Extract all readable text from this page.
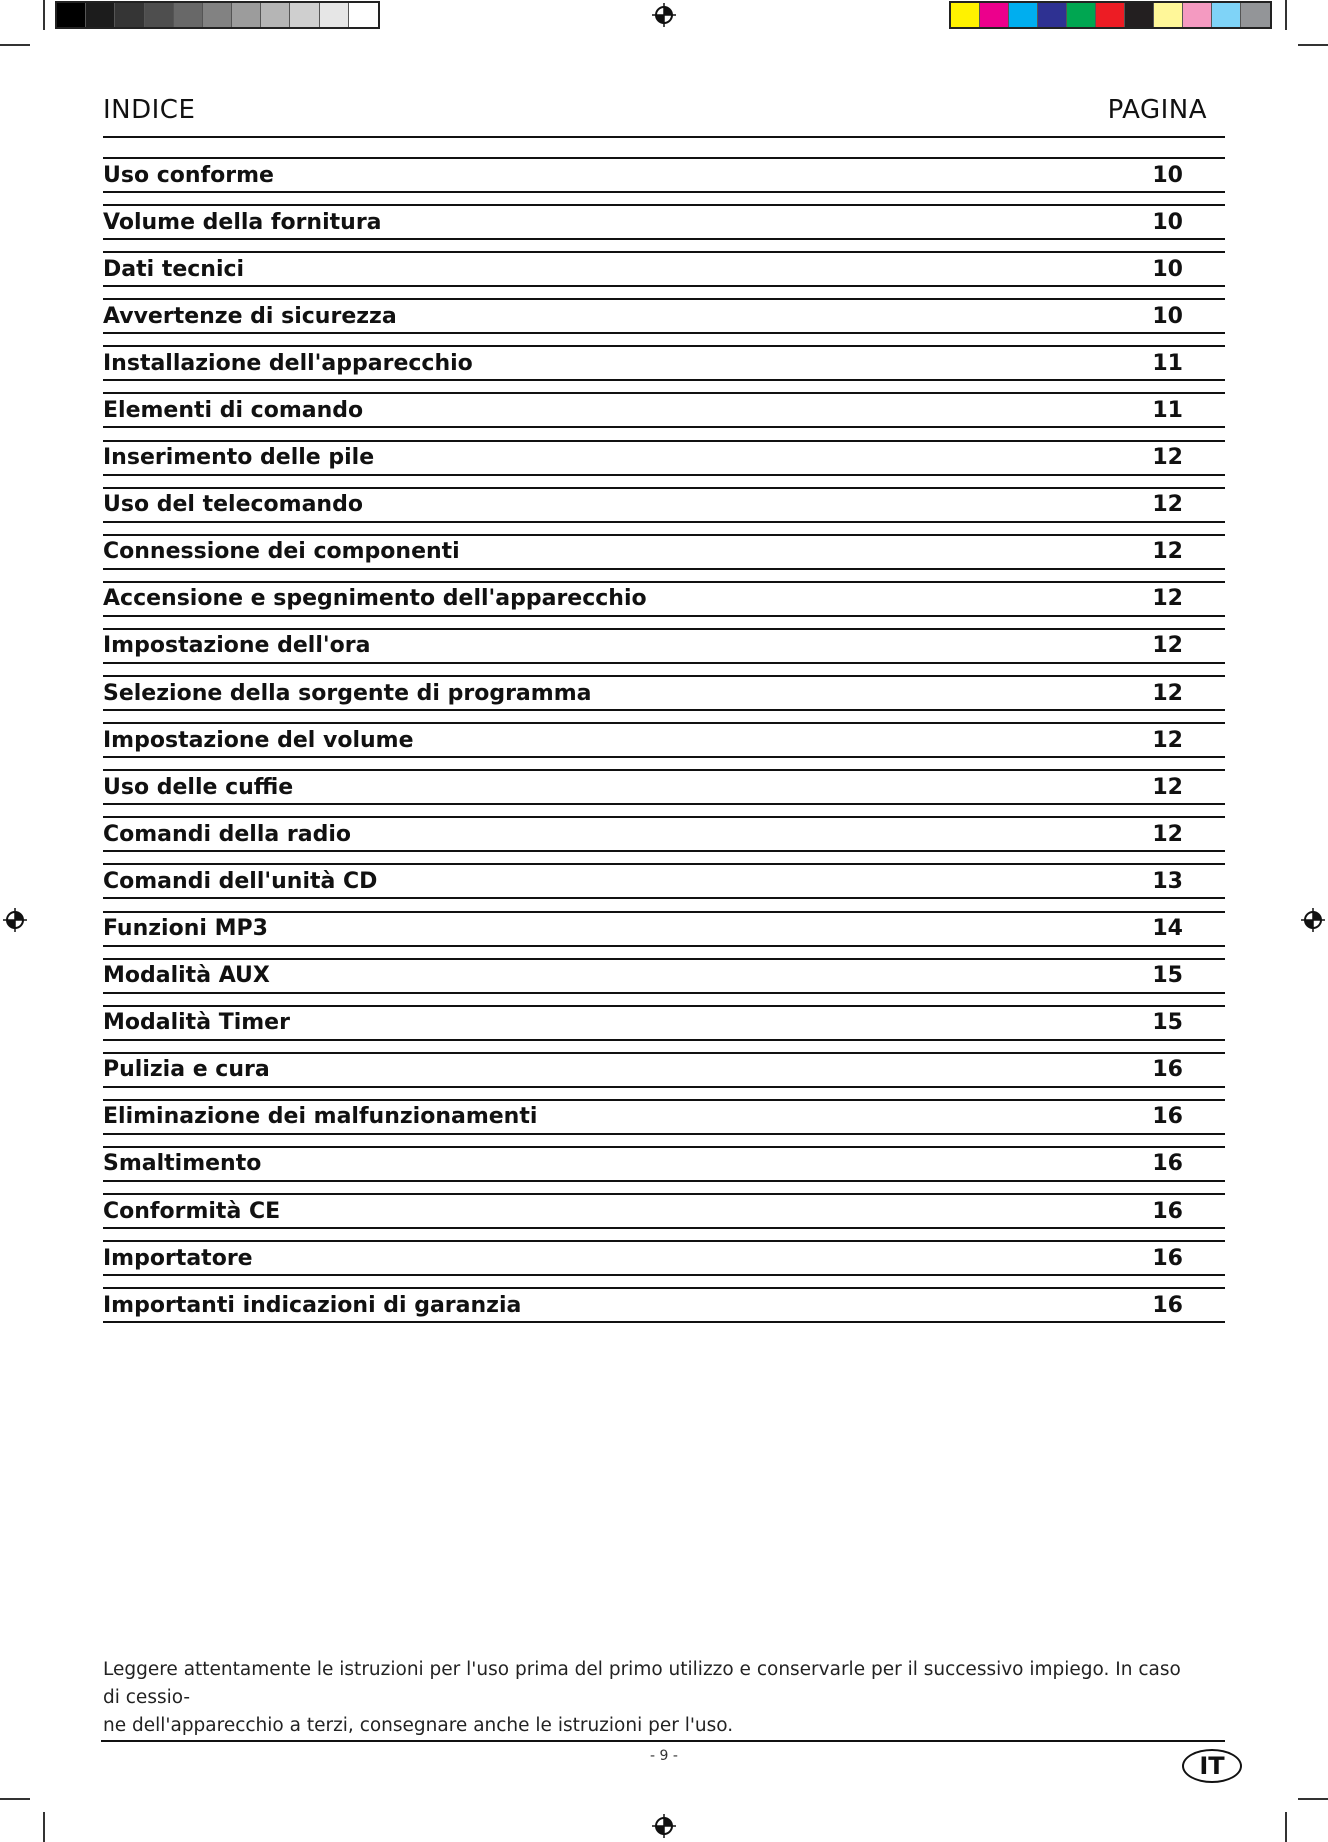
INDICE	PAGINA
Uso conforme	10
Volume della fornitura	10
Dati tecnici	10
Avvertenze di sicurezza	10
Installazione dell'apparecchio	11
Elementi di comando	11
Inserimento delle pile	12
Uso del telecomando	12
Connessione dei componenti	12
Accensione e spegnimento dell'apparecchio	12
Impostazione dell'ora	12
Selezione della sorgente di programma	12
Impostazione del volume	12
Uso delle cuffie	12
Comandi della radio	12
Comandi dell'unità CD	13
Funzioni MP3	14
Modalità AUX	15
Modalità Timer	15
Pulizia e cura	16
Eliminazione dei malfunzionamenti	16
Smaltimento	16
Conformità CE	16
Importatore	16
Importanti indicazioni di garanzia	16
Leggere attentamente le istruzioni per l'uso prima del primo utilizzo e conservarle per il successivo impiego. In caso di cessio-
ne dell'apparecchio a terzi, consegnare anche le istruzioni per l'uso.
- 9 -	IT
